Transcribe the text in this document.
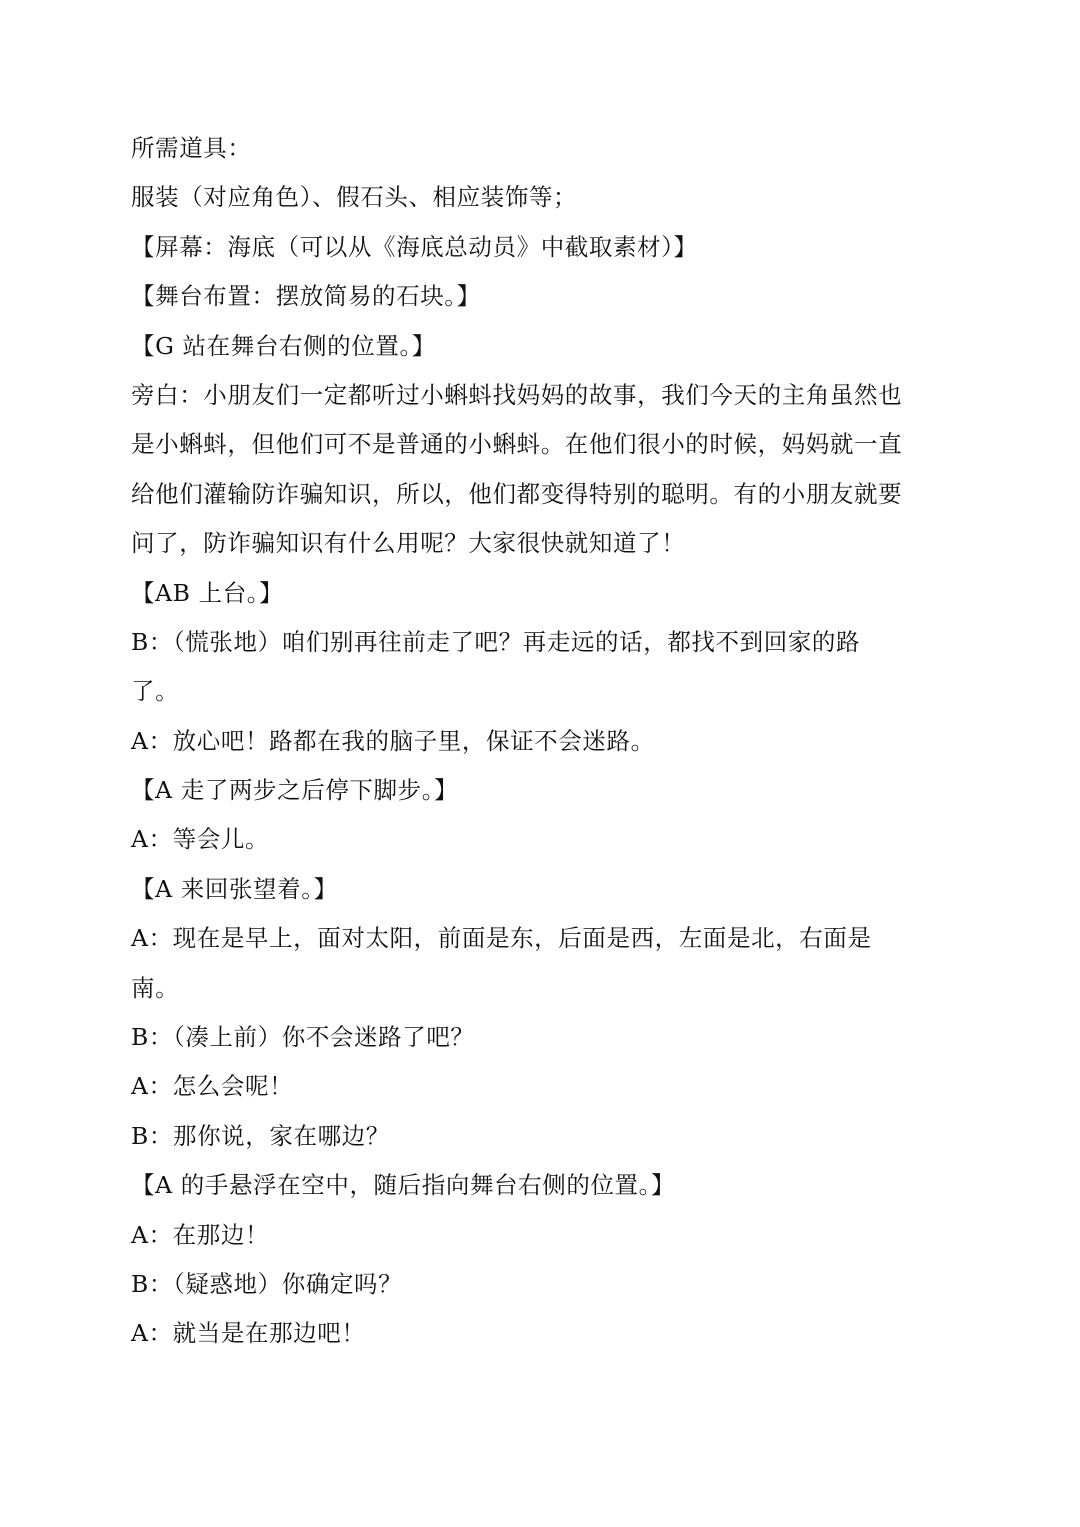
所需道具：
服装（对应角色）、假石头、相应装饰等；
【屏幕：海底（可以从《海底总动员》中截取素材）】
【舞台布置：摆放简易的石块。】
【G 站在舞台右侧的位置。】
旁白：小朋友们一定都听过小蝌蚪找妈妈的故事，我们今天的主角虽然也
是小蝌蚪，但他们可不是普通的小蝌蚪。在他们很小的时候，妈妈就一直
给他们灌输防诈骗知识，所以，他们都变得特别的聪明。有的小朋友就要
问了，防诈骗知识有什么用呢？大家很快就知道了！
【AB 上台。】
B：（慌张地）咱们别再往前走了吧？再走远的话，都找不到回家的路
了。
A：放心吧！路都在我的脑子里，保证不会迷路。
【A 走了两步之后停下脚步。】
A：等会儿。
【A 来回张望着。】
A：现在是早上，面对太阳，前面是东，后面是西，左面是北，右面是
南。
B：（凑上前）你不会迷路了吧？
A：怎么会呢！
B：那你说，家在哪边？
【A 的手悬浮在空中，随后指向舞台右侧的位置。】
A：在那边！
B：（疑惑地）你确定吗？
A：就当是在那边吧！
